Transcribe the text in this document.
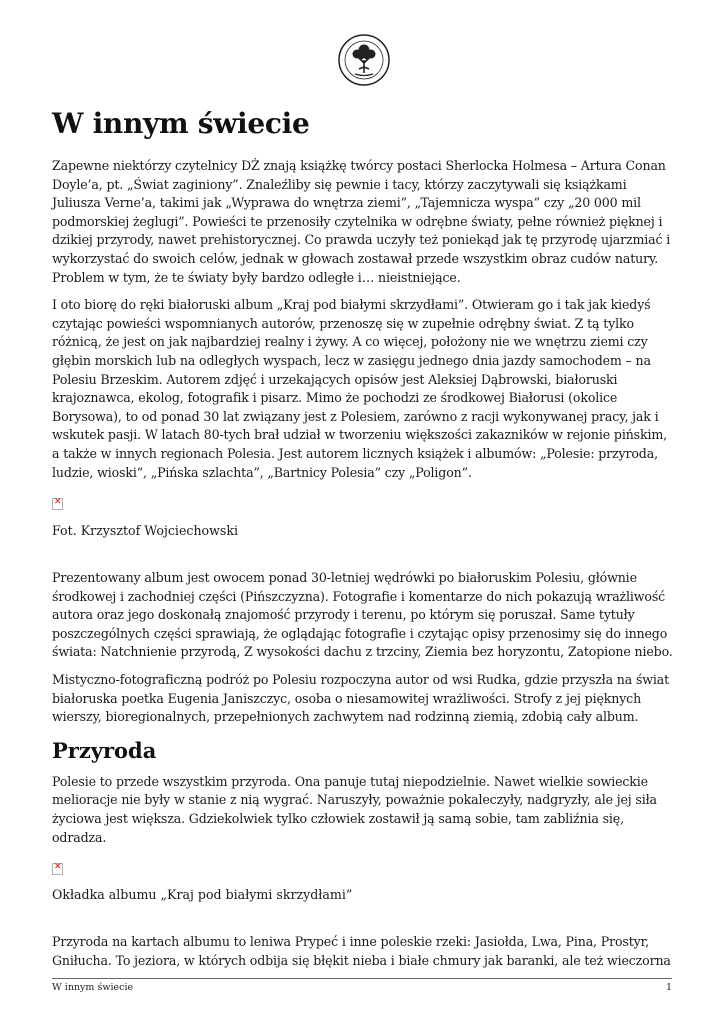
W innym świecie

Zapewne niektórzy czytelnicy DŻ znają książkę twórcy postaci Sherlocka Holmesa – Artura Conan Doyle’a, pt. „Świat zaginiony”. Znaleźliby się pewnie i tacy, którzy zaczytywali się książkami Juliusza Verne’a, takimi jak „Wyprawa do wnętrza ziemi”, „Tajemnicza wyspa” czy „20 000 mil podmorskiej żeglugi”. Powieści te przenosiły czytelnika w odrębne światy, pełne również pięknej i dzikiej przyrody, nawet prehistorycznej. Co prawda uczyły też poniekąd jak tę przyrodę ujarzmiać i wykorzystać do swoich celów, jednak w głowach zostawał przede wszystkim obraz cudów natury. Problem w tym, że te światy były bardzo odległe i… nieistniejące.

I oto biorę do ręki białoruski album „Kraj pod białymi skrzydłami”. Otwieram go i tak jak kiedyś czytając powieści wspomnianych autorów, przenoszę się w zupełnie odrębny świat. Z tą tylko różnicą, że jest on jak najbardziej realny i żywy. A co więcej, położony nie we wnętrzu ziemi czy głębin morskich lub na odległych wyspach, lecz w zasięgu jednego dnia jazdy samochodem – na Polesiu Brzeskim. Autorem zdjęć i urzekających opisów jest Aleksiej Dąbrowski, białoruski krajoznawca, ekolog, fotografik i pisarz. Mimo że pochodzi ze środkowej Białorusi (okolice Borysowa), to od ponad 30 lat związany jest z Polesiem, zarówno z racji wykonywanej pracy, jak i wskutek pasji. W latach 80-tych brał udział w tworzeniu większości zakazników w rejonie pińskim, a także w innych regionach Polesia. Jest autorem licznych książek i albumów: „Polesie: przyroda, ludzie, wioski”, „Pińska szlachta”, „Bartnicy Polesia” czy „Poligon”.

✕
Fot. Krzysztof Wojciechowski

Prezentowany album jest owocem ponad 30-letniej wędrówki po białoruskim Polesiu, głównie środkowej i zachodniej części (Pińszczyzna). Fotografie i komentarze do nich pokazują wrażliwość autora oraz jego doskonałą znajomość przyrody i terenu, po którym się poruszał. Same tytuły poszczególnych części sprawiają, że oglądając fotografie i czytając opisy przenosimy się do innego świata: Natchnienie przyrodą, Z wysokości dachu z trzciny, Ziemia bez horyzontu, Zatopione niebo.

Mistyczno-fotograficzną podróż po Polesiu rozpoczyna autor od wsi Rudka, gdzie przyszła na świat białoruska poetka Eugenia Janiszczyc, osoba o niesamowitej wrażliwości. Strofy z jej pięknych wierszy, bioregionalnych, przepełnionych zachwytem nad rodzinną ziemią, zdobią cały album.

Przyroda

Polesie to przede wszystkim przyroda. Ona panuje tutaj niepodzielnie. Nawet wielkie sowieckie melioracje nie były w stanie z nią wygrać. Naruszyły, poważnie pokaleczyły, nadgryzły, ale jej siła życiowa jest większa. Gdziekolwiek tylko człowiek zostawił ją samą sobie, tam zabliźnia się, odradza.

✕
Okładka albumu „Kraj pod białymi skrzydłami”

Przyroda na kartach albumu to leniwa Prypeć i inne poleskie rzeki: Jasiołda, Lwa, Pina, Prostyr, Gniłucha. To jeziora, w których odbija się błękit nieba i białe chmury jak baranki, ale też wieczorna

W innym świecie	1
